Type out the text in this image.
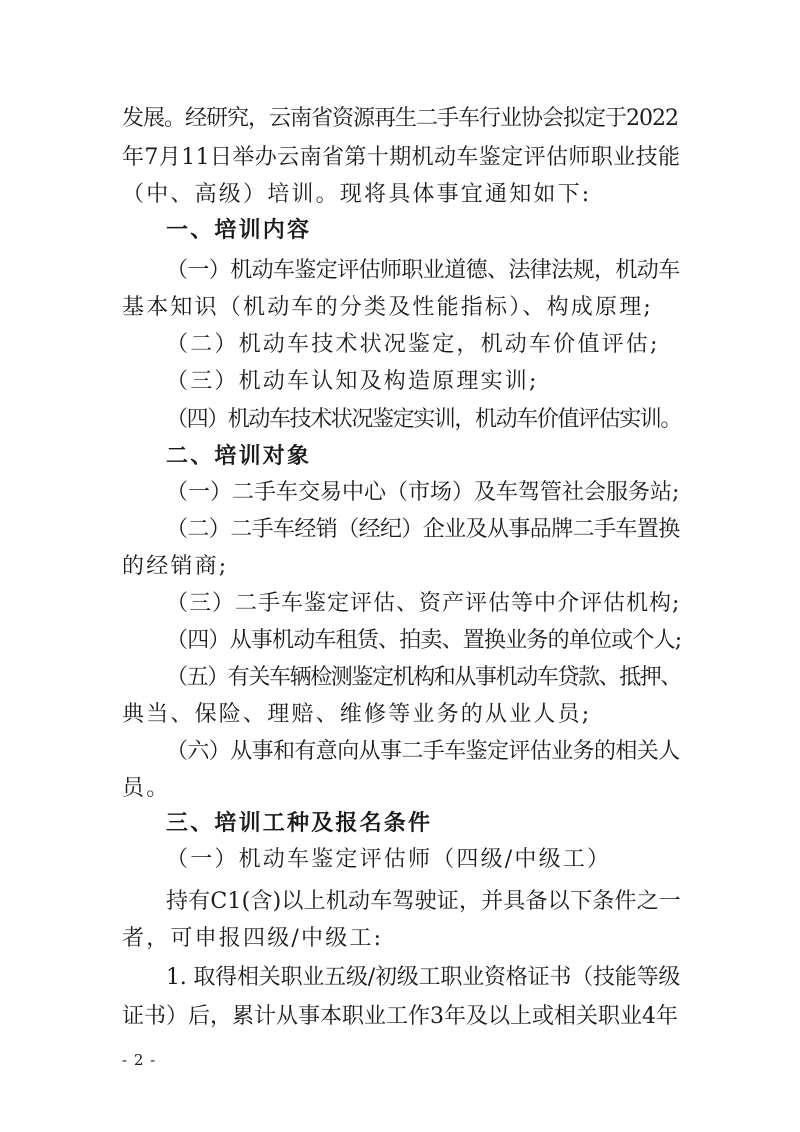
发展。经研究，云南省资源再生二手车行业协会拟定于2022
年7月11日举办云南省第十期机动车鉴定评估师职业技能
（中、高级）培训。现将具体事宜通知如下:
一、培训内容
（一）机动车鉴定评估师职业道德、法律法规，机动车
基本知识（机动车的分类及性能指标）、构成原理;
（二）机动车技术状况鉴定，机动车价值评估;
（三）机动车认知及构造原理实训;
（四）机动车技术状况鉴定实训，机动车价值评估实训。
二、培训对象
（一）二手车交易中心（市场）及车驾管社会服务站;
（二）二手车经销（经纪）企业及从事品牌二手车置换
的经销商;
（三）二手车鉴定评估、资产评估等中介评估机构;
（四）从事机动车租赁、拍卖、置换业务的单位或个人;
（五）有关车辆检测鉴定机构和从事机动车贷款、抵押、
典当、保险、理赔、维修等业务的从业人员;
（六）从事和有意向从事二手车鉴定评估业务的相关人
员。
三、培训工种及报名条件
（一）机动车鉴定评估师（四级/中级工）
持有C1(含)以上机动车驾驶证，并具备以下条件之一
者，可申报四级/中级工:
1. 取得相关职业五级/初级工职业资格证书（技能等级
证书）后，累计从事本职业工作3年及以上或相关职业4年
- 2 -
